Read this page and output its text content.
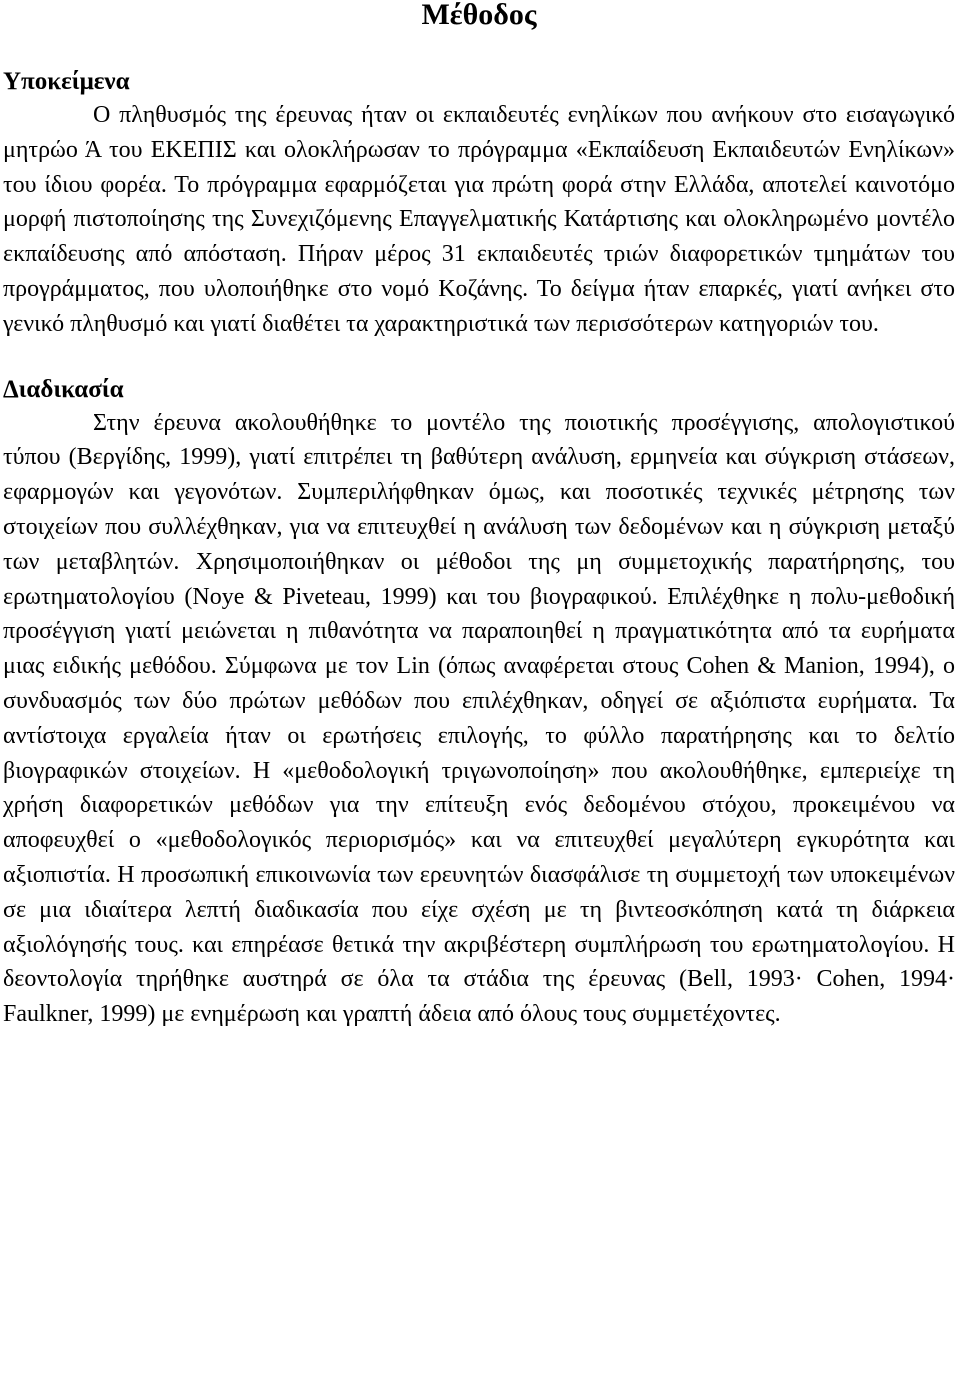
Μέθοδος
Υποκείμενα

Ο πληθυσμός της έρευνας ήταν οι εκπαιδευτές ενηλίκων που ανήκουν στο εισαγωγικό μητρώο Ά του ΕΚΕΠΙΣ και ολοκλήρωσαν το πρόγραμμα «Εκπαίδευση Εκπαιδευτών Ενηλίκων» του ίδιου φορέα. Το πρόγραμμα εφαρμόζεται για πρώτη φορά στην Ελλάδα, αποτελεί καινοτόμο μορφή πιστοποίησης της Συνεχιζόμενης Επαγγελματικής Κατάρτισης και ολοκληρωμένο μοντέλο εκπαίδευσης από απόσταση. Πήραν μέρος 31 εκπαιδευτές τριών διαφορετικών τμημάτων του προγράμματος, που υλοποιήθηκε στο νομό Κοζάνης. Το δείγμα ήταν επαρκές, γιατί ανήκει στο γενικό πληθυσμό και γιατί διαθέτει τα χαρακτηριστικά των περισσότερων κατηγοριών του.

Διαδικασία

Στην έρευνα ακολουθήθηκε το μοντέλο της ποιοτικής προσέγγισης, απολογιστικού τύπου (Βεργίδης, 1999), γιατί επιτρέπει τη βαθύτερη ανάλυση, ερμηνεία και σύγκριση στάσεων, εφαρμογών και γεγονότων. Συμπεριλήφθηκαν όμως, και ποσοτικές τεχνικές μέτρησης των στοιχείων που συλλέχθηκαν, για να επιτευχθεί η ανάλυση των δεδομένων και η σύγκριση μεταξύ των μεταβλητών. Χρησιμοποιήθηκαν οι μέθοδοι της μη συμμετοχικής παρατήρησης, του ερωτηματολογίου (Noye & Piveteau, 1999) και του βιογραφικού. Επιλέχθηκε η πολυ-μεθοδική προσέγγιση γιατί μειώνεται η πιθανότητα να παραποιηθεί η πραγματικότητα από τα ευρήματα μιας ειδικής μεθόδου. Σύμφωνα με τον Lin (όπως αναφέρεται στους Cohen & Manion, 1994), ο συνδυασμός των δύο πρώτων μεθόδων που επιλέχθηκαν, οδηγεί σε αξιόπιστα ευρήματα. Τα αντίστοιχα εργαλεία ήταν οι ερωτήσεις επιλογής, το φύλλο παρατήρησης και το δελτίο βιογραφικών στοιχείων. Η «μεθοδολογική τριγωνοποίηση» που ακολουθήθηκε, εμπεριείχε τη χρήση διαφορετικών μεθόδων για την επίτευξη ενός δεδομένου στόχου, προκειμένου να αποφευχθεί ο «μεθοδολογικός περιορισμός» και να επιτευχθεί μεγαλύτερη εγκυρότητα και αξιοπιστία. Η προσωπική επικοινωνία των ερευνητών διασφάλισε τη συμμετοχή των υποκειμένων σε μια ιδιαίτερα λεπτή διαδικασία που είχε σχέση με τη βιντεοσκόπηση κατά τη διάρκεια αξιολόγησής τους. και επηρέασε θετικά την ακριβέστερη συμπλήρωση του ερωτηματολογίου. Η δεοντολογία τηρήθηκε αυστηρά σε όλα τα στάδια της έρευνας (Bell, 1993· Cohen, 1994· Faulkner, 1999) με ενημέρωση και γραπτή άδεια από όλους τους συμμετέχοντες.
